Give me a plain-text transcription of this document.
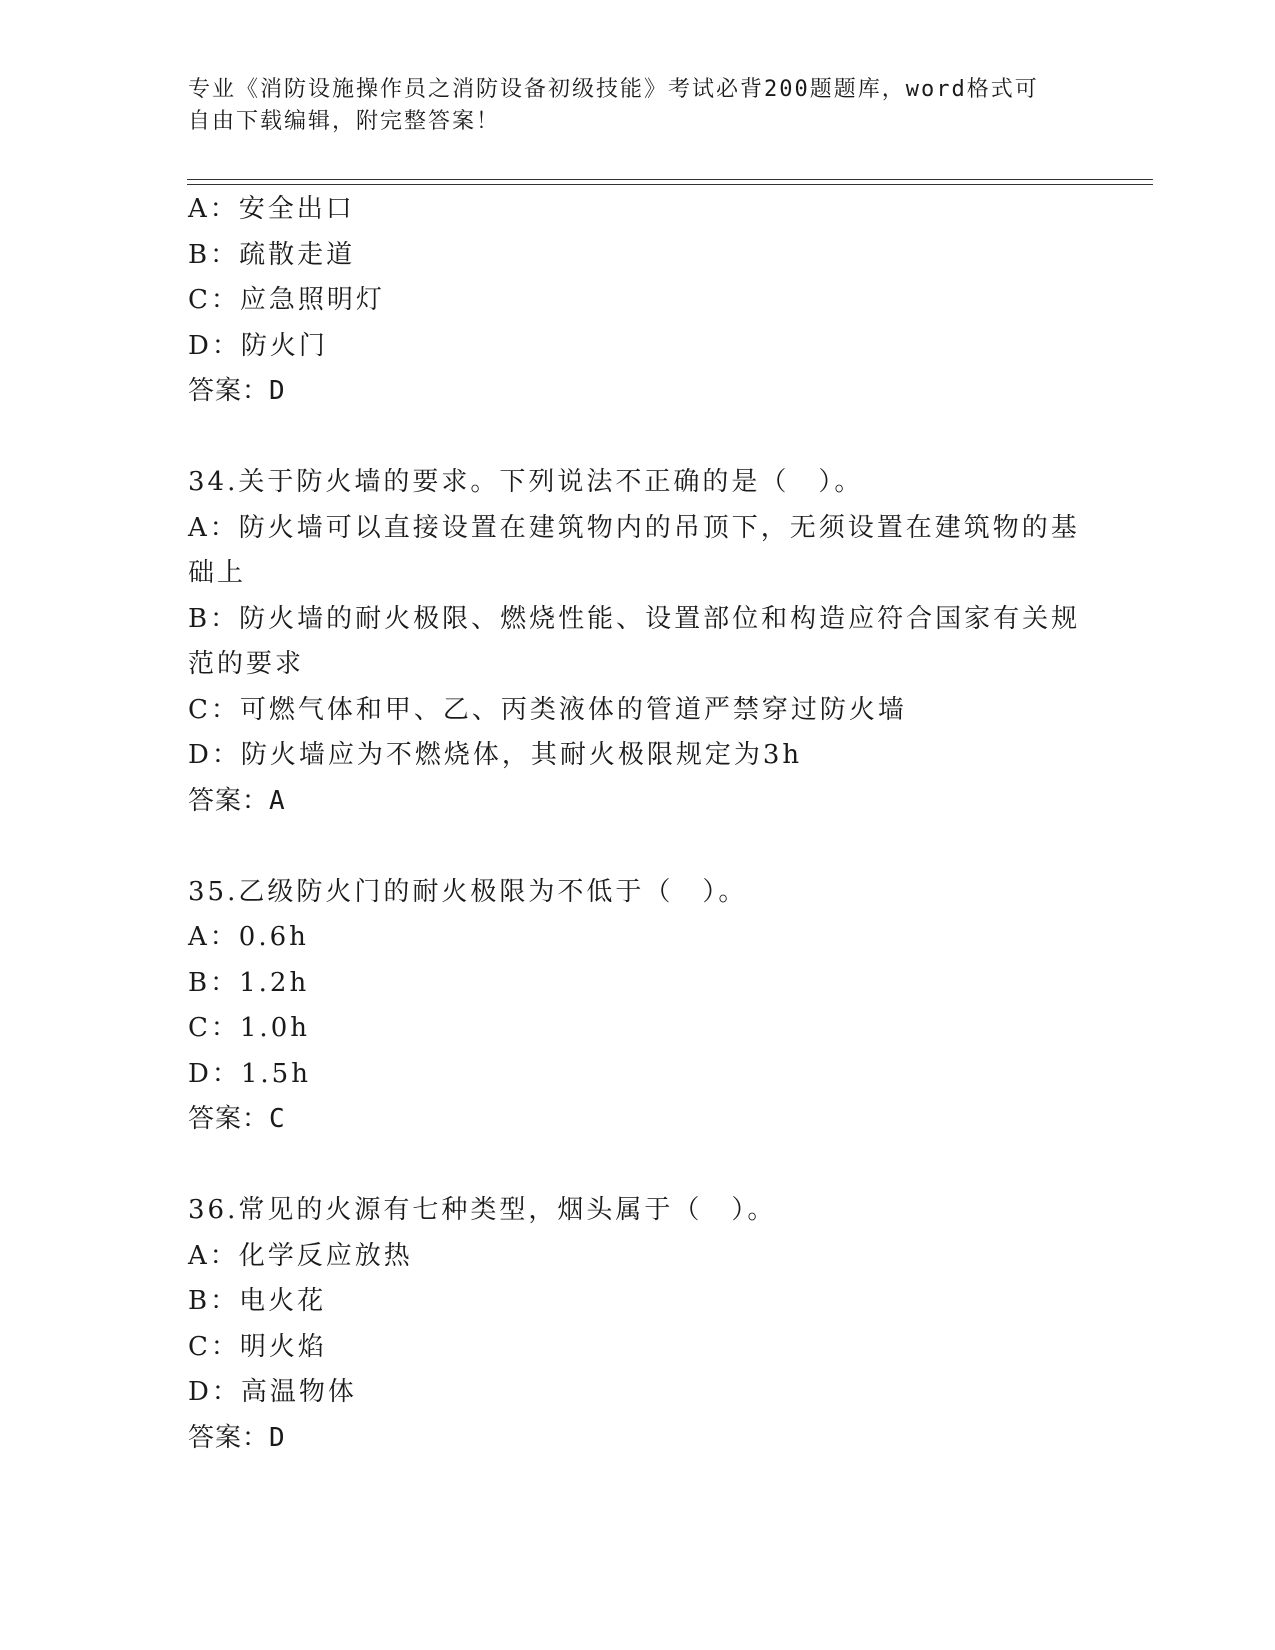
专业《消防设施操作员之消防设备初级技能》考试必背200题题库，word格式可
自由下载编辑，附完整答案！
A：安全出口
B：疏散走道
C：应急照明灯
D：防火门
答案：D
34.关于防火墙的要求。下列说法不正确的是（　）。
A：防火墙可以直接设置在建筑物内的吊顶下，无须设置在建筑物的基础上
B：防火墙的耐火极限、燃烧性能、设置部位和构造应符合国家有关规范的要求
C：可燃气体和甲、乙、丙类液体的管道严禁穿过防火墙
D：防火墙应为不燃烧体，其耐火极限规定为3h
答案：A
35.乙级防火门的耐火极限为不低于（　）。
A：0.6h
B：1.2h
C：1.0h
D：1.5h
答案：C
36.常见的火源有七种类型，烟头属于（　）。
A：化学反应放热
B：电火花
C：明火焰
D：高温物体
答案：D
